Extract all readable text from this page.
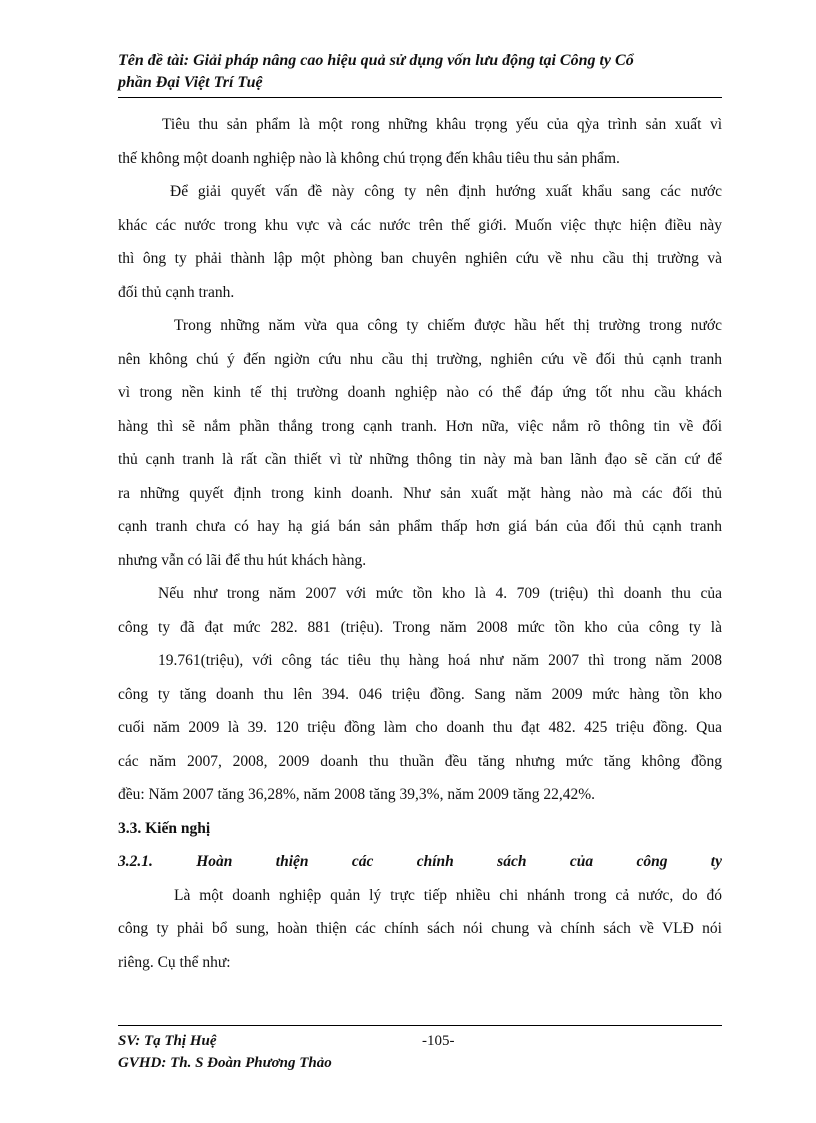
Tên đề tài: Giải pháp nâng cao hiệu quả sử dụng vốn lưu động tại Công ty Cổ
phần Đại Việt Trí Tuệ
Tiêu thu sản phẩm là một rong những khâu trọng yếu của qỳa trình sản xuất vì
thế không một doanh nghiệp nào là không chú trọng đến khâu tiêu thu sản phẩm.
Để giải quyết vấn đề này công ty nên định hướng xuất khẩu sang các nước
khác các nước trong khu vực và các nước trên thế giới. Muốn việc thực hiện điều này
thì ông ty phải thành lập một phòng ban chuyên nghiên cứu về nhu cầu thị trường và
đối thủ cạnh tranh.
Trong những năm vừa qua công ty chiếm được hầu hết thị trường trong nước
nên không chú ý đến ngiờn cứu nhu cầu thị trường, nghiên cứu về đối thủ cạnh tranh
vì trong nền kinh tế thị trường doanh nghiệp nào có thể đáp ứng tốt nhu cầu khách
hàng thì sẽ nắm phần thắng trong cạnh tranh. Hơn nữa, việc nắm rõ thông tin về đối
thủ cạnh tranh là rất cần thiết vì từ những thông tin này mà ban lãnh đạo sẽ căn cứ để
ra những quyết định trong kinh doanh. Như sản xuất mặt hàng nào mà các đối thủ
cạnh tranh chưa có hay hạ giá bán sản phẩm thấp hơn giá bán của đối thủ cạnh tranh
nhưng vẫn có lãi để thu hút khách hàng.
Nếu như trong năm 2007 với mức tồn kho là 4. 709 (triệu) thì doanh thu của
công ty đã đạt mức 282. 881 (triệu). Trong năm 2008 mức tồn kho của công ty là
19.761(triệu), với công tác tiêu thụ hàng hoá như năm 2007 thì trong năm 2008
công ty tăng doanh thu lên 394. 046 triệu đồng. Sang năm 2009 mức hàng tồn kho
cuối năm 2009 là 39. 120 triệu đồng làm cho doanh thu đạt 482. 425 triệu đồng. Qua
các năm 2007, 2008, 2009 doanh thu thuần đều tăng nhưng mức tăng không đồng
đều: Năm 2007 tăng 36,28%, năm 2008 tăng 39,3%, năm 2009 tăng 22,42%.
3.3. Kiến nghị
3.2.1.	Hoàn	thiện	các	chính	sách	của	công	ty
Là một doanh nghiệp quản lý trực tiếp nhiều chi nhánh trong cả nước, do đó
công ty phải bổ sung, hoàn thiện các chính sách nói chung và chính sách về VLĐ nói
riêng. Cụ thể như:
SV: Tạ Thị Huệ
GVHD: Th. S Đoàn Phương Thảo
-105-
